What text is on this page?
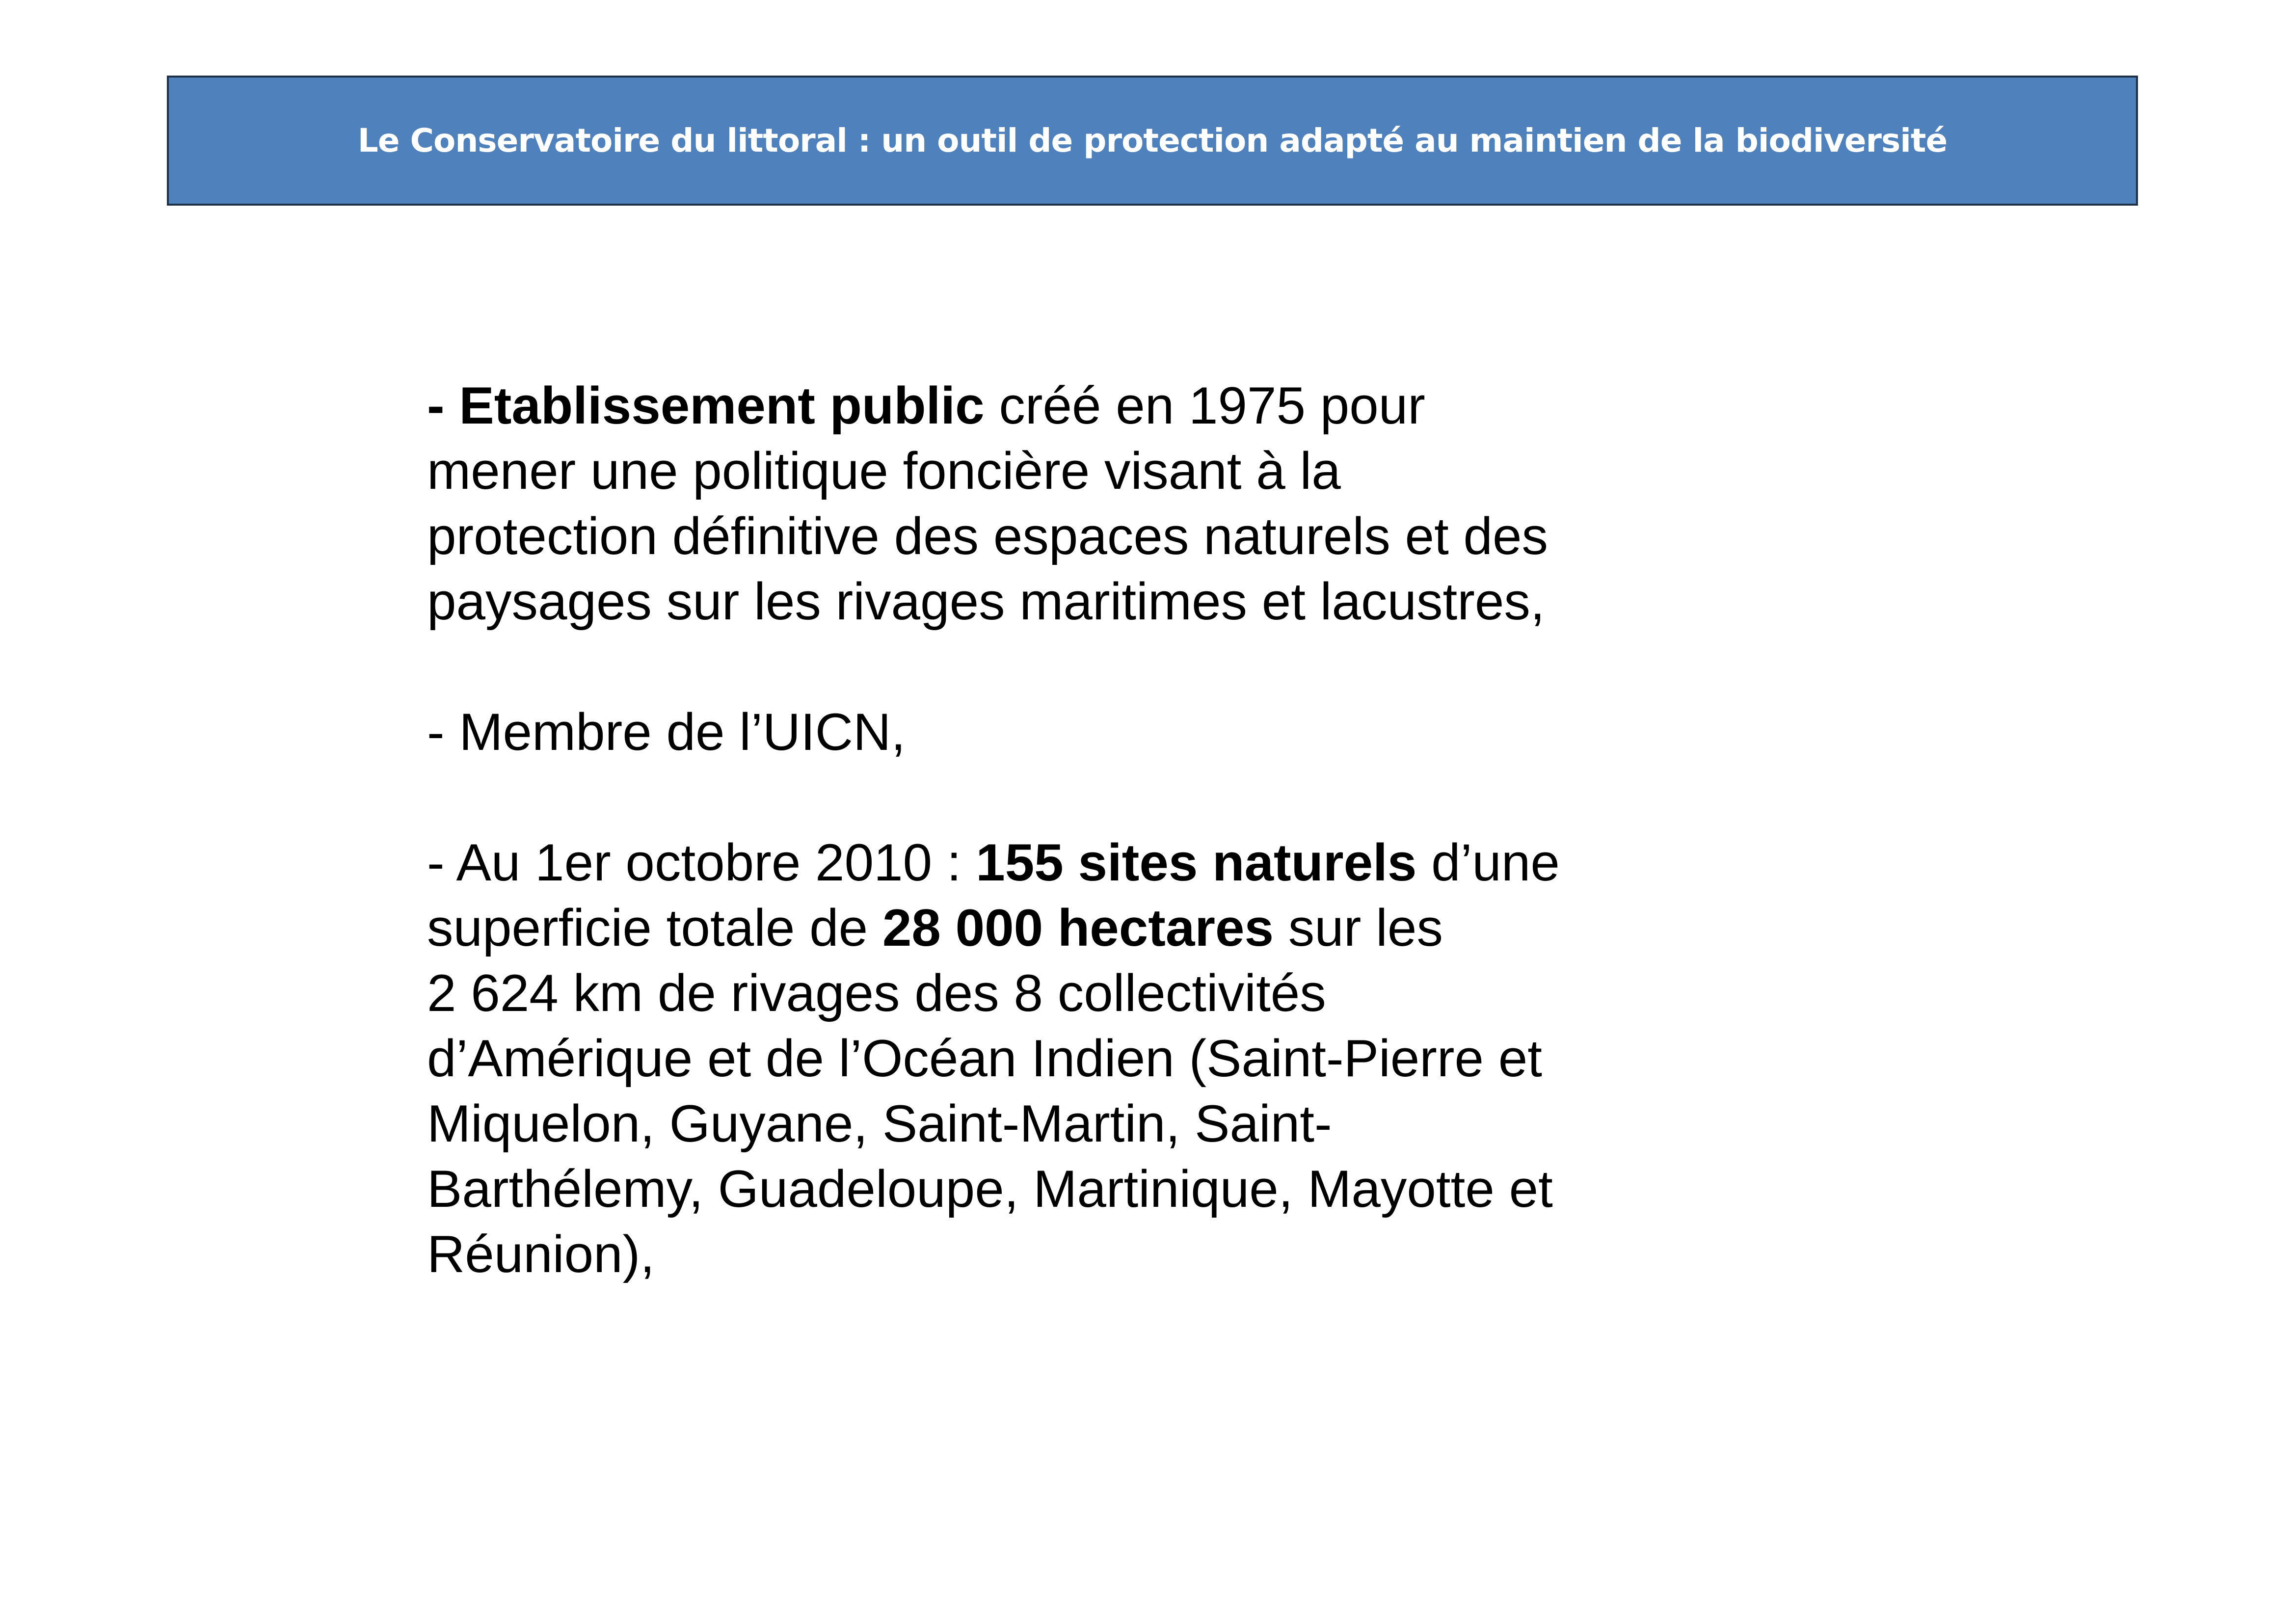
Le Conservatoire du littoral : un outil de protection adapté au maintien de la biodiversité
- Etablissement public créé en 1975 pour
mener une politique foncière visant à la
protection définitive des espaces naturels et des
paysages sur les rivages maritimes et lacustres,
- Membre de l’UICN,
- Au 1er octobre 2010 : 155 sites naturels d’une
superficie totale de 28 000 hectares sur les
2 624 km de rivages des 8 collectivités
d’Amérique et de l’Océan Indien (Saint-Pierre et
Miquelon, Guyane, Saint-Martin, Saint-
Barthélemy, Guadeloupe, Martinique, Mayotte et
Réunion),
